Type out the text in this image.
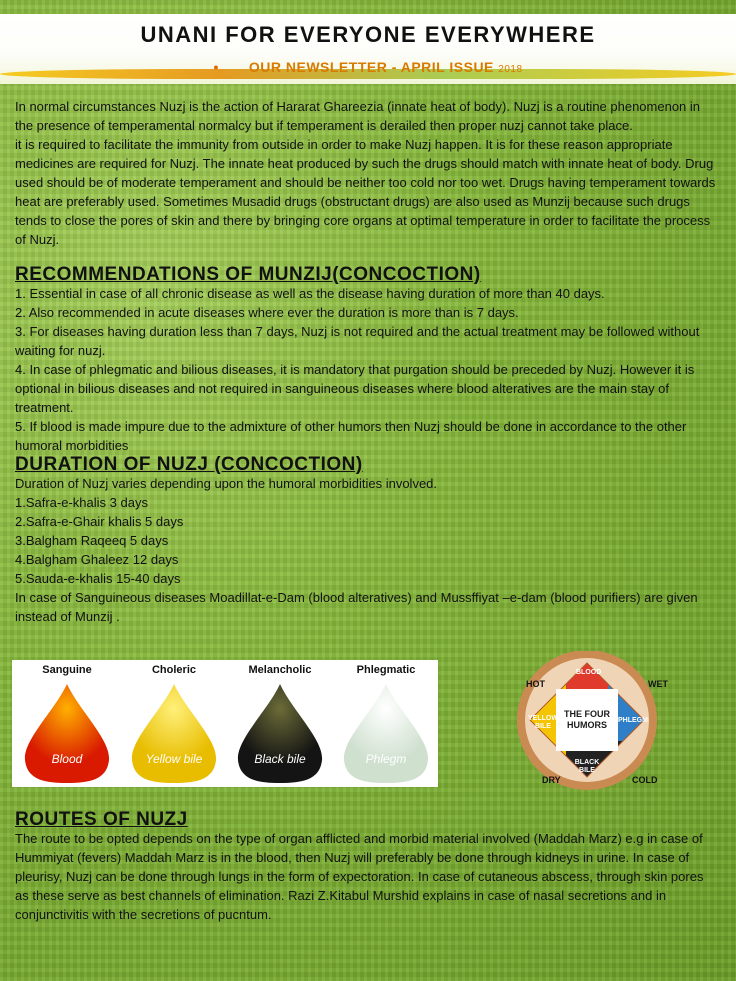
UNANI FOR EVERYONE EVERYWHERE
• OUR NEWSLETTER - APRIL ISSUE 2018

In normal circumstances Nuzj is the action of Hararat Ghareezia (innate heat of body). Nuzj is a routine phenomenon in the presence of temperamental normalcy but if temperament is derailed then proper nuzj cannot take place.

it is required to facilitate the immunity from outside in order to make Nuzj happen. It is for these reason appropriate medicines are required for Nuzj. The innate heat produced by such the drugs should match with innate heat of body. Drug used should be of moderate temperament and should be neither too cold nor too wet. Drugs having temperament towards heat are preferably used. Sometimes Musadid drugs (obstructant drugs) are also used as Munzij because such drugs tends to close the pores of skin and there by bringing core organs at optimal temperature in order to facilitate the process of Nuzj.

RECOMMENDATIONS OF MUNZIJ(CONCOCTION)

1. Essential in case of all chronic disease as well as the disease having duration of more than 40 days.

2. Also recommended in acute diseases where ever the duration is more than is 7 days.

3. For diseases having duration less than 7 days, Nuzj is not required and the actual treatment may be followed without waiting for nuzj.

4. In case of phlegmatic and bilious diseases, it is mandatory that purgation should be preceded by Nuzj. However it is optional in bilious diseases and not required in sanguineous diseases where blood alteratives are the main stay of treatment.

5. If blood is made impure due to the admixture of other humors then Nuzj should be done in accordance to the other humoral morbidities

DURATION OF NUZJ (CONCOCTION)

Duration of Nuzj varies depending upon the humoral morbidities involved.

1.Safra-e-khalis 3 days

2.Safra-e-Ghair khalis 5 days

3.Balgham Raqeeq 5 days

4.Balgham Ghaleez 12 days

5.Sauda-e-khalis 15-40 days

In case of Sanguineous diseases Moadillat-e-Dam (blood alteratives) and Mussffiyat –e-dam (blood purifiers) are given instead of Munzij .

Sanguine
Blood
Choleric
Yellow bile
Melancholic
Black bile
Phlegmatic
Phlegm
THE FOUR HUMORS
HOT	WET
DRY	COLD
BLOOD
YELLOW BILE
PHLEGM
BLACK BILE
ROUTES OF NUZJ

The route to be opted depends on the type of organ afflicted and morbid material involved (Maddah Marz) e.g in case of Hummiyat (fevers) Maddah Marz is in the blood, then Nuzj will preferably be done through kidneys in urine. In case of pleurisy, Nuzj can be done through lungs in the form of expectoration. In case of cutaneous abscess, through skin pores as these serve as best channels of elimination. Razi Z.Kitabul Murshid explains in case of nasal secretions and in conjunctivitis with the secretions of pucntum.
